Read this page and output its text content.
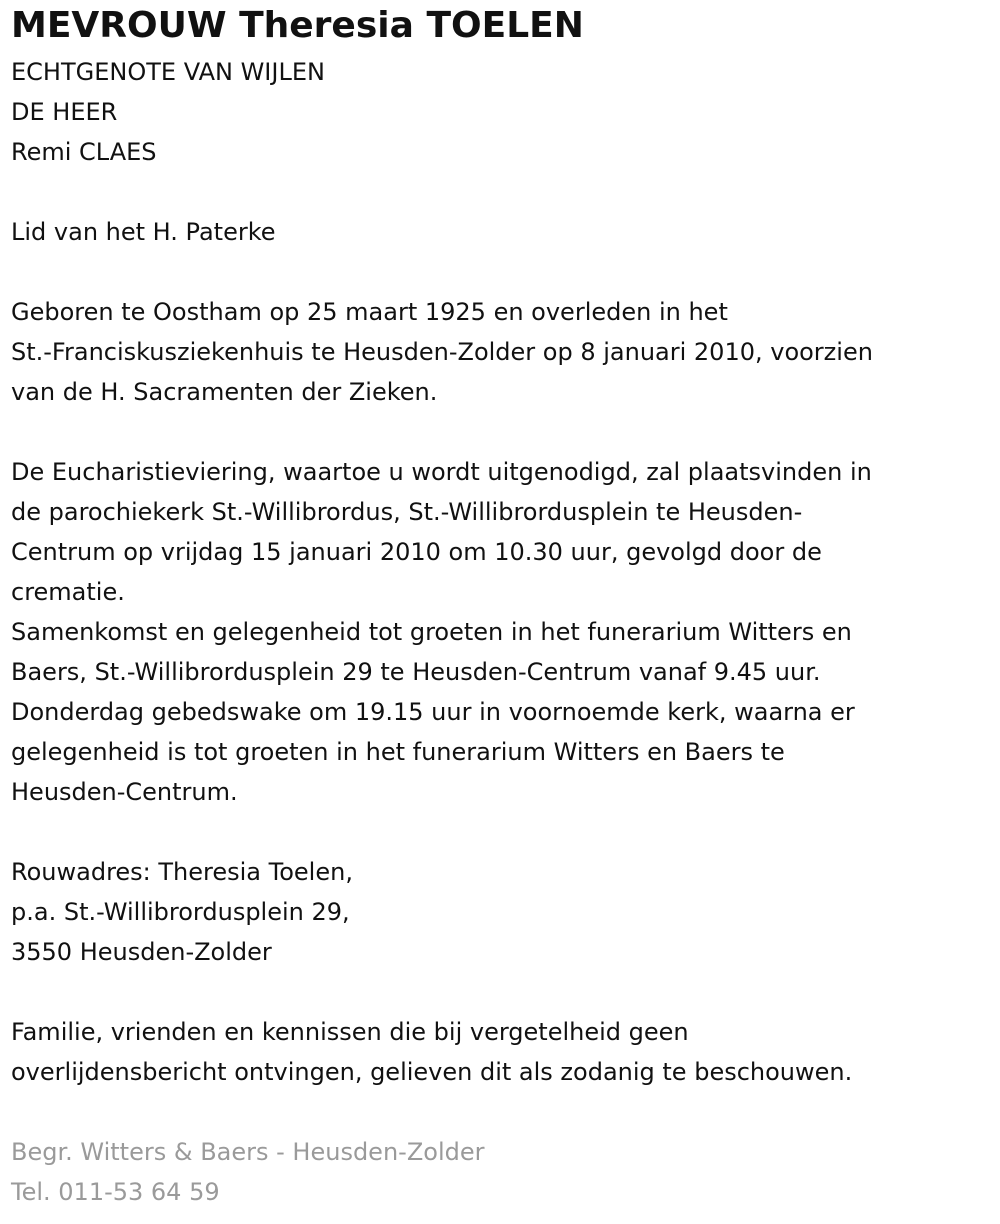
MEVROUW Theresia TOELEN
ECHTGENOTE VAN WIJLEN
DE HEER
Remi CLAES
Lid van het H. Paterke
Geboren te Oostham op 25 maart 1925 en overleden in het
St.-Franciskusziekenhuis te Heusden-Zolder op 8 januari 2010, voorzien
van de H. Sacramenten der Zieken.
De Eucharistieviering, waartoe u wordt uitgenodigd, zal plaatsvinden in
de parochiekerk St.-Willibrordus, St.-Willibrordusplein te Heusden-
Centrum op vrijdag 15 januari 2010 om 10.30 uur, gevolgd door de
crematie.
Samenkomst en gelegenheid tot groeten in het funerarium Witters en
Baers, St.-Willibrordusplein 29 te Heusden-Centrum vanaf 9.45 uur.
Donderdag gebedswake om 19.15 uur in voornoemde kerk, waarna er
gelegenheid is tot groeten in het funerarium Witters en Baers te
Heusden-Centrum.
Rouwadres: Theresia Toelen,
p.a. St.-Willibrordusplein 29,
3550 Heusden-Zolder
Familie, vrienden en kennissen die bij vergetelheid geen
overlijdensbericht ontvingen, gelieven dit als zodanig te beschouwen.
Begr. Witters & Baers - Heusden-Zolder
Tel. 011-53 64 59
